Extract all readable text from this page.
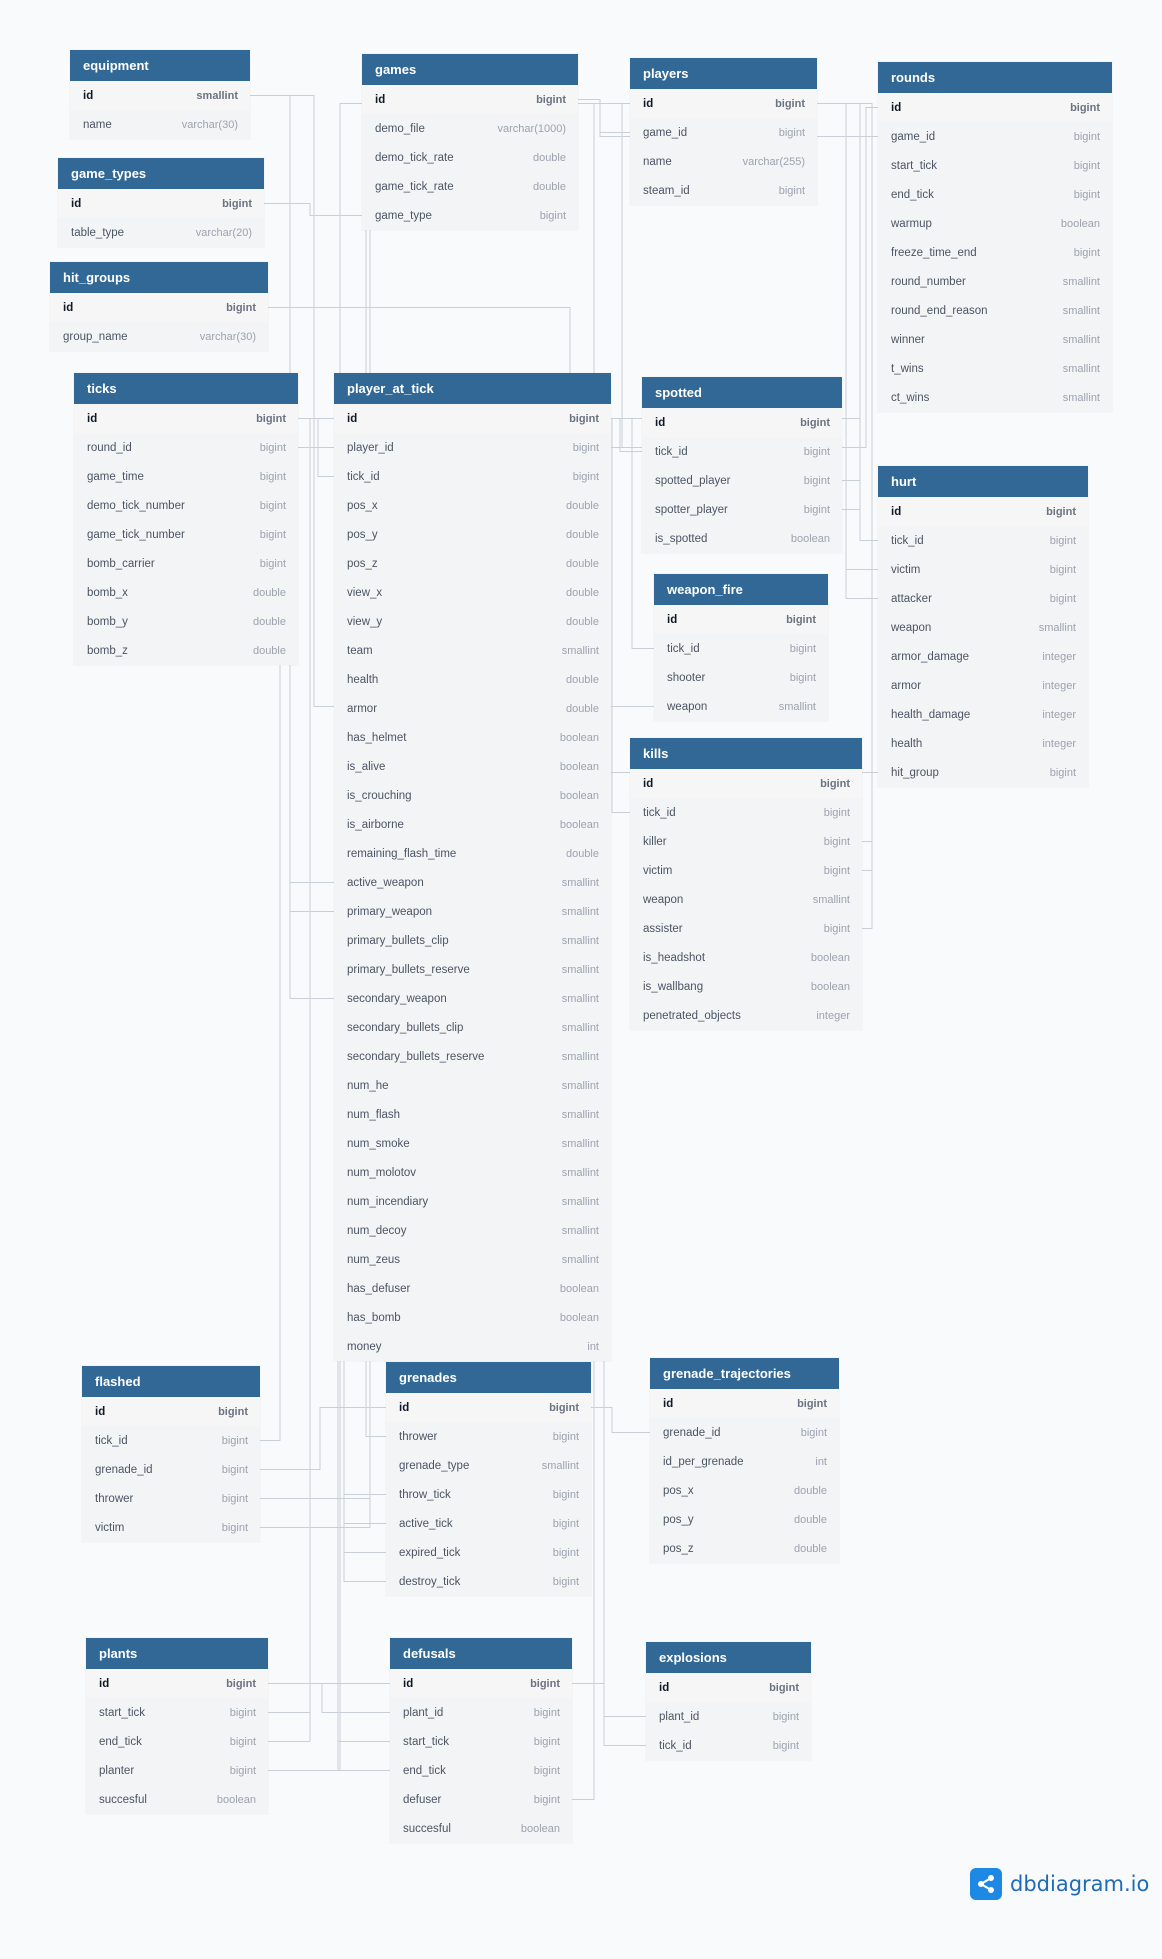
equipment
id	smallint
name	varchar(30)
games
id	bigint
demo_file	varchar(1000)
demo_tick_rate	double
game_tick_rate	double
game_type	bigint
players
id	bigint
game_id	bigint
name	varchar(255)
steam_id	bigint
rounds
id	bigint
game_id	bigint
start_tick	bigint
end_tick	bigint
warmup	boolean
freeze_time_end	bigint
round_number	smallint
round_end_reason	smallint
winner	smallint
t_wins	smallint
ct_wins	smallint
game_types
id	bigint
table_type	varchar(20)
hit_groups
id	bigint
group_name	varchar(30)
ticks
id	bigint
round_id	bigint
game_time	bigint
demo_tick_number	bigint
game_tick_number	bigint
bomb_carrier	bigint
bomb_x	double
bomb_y	double
bomb_z	double
player_at_tick
id	bigint
player_id	bigint
tick_id	bigint
pos_x	double
pos_y	double
pos_z	double
view_x	double
view_y	double
team	smallint
health	double
armor	double
has_helmet	boolean
is_alive	boolean
is_crouching	boolean
is_airborne	boolean
remaining_flash_time	double
active_weapon	smallint
primary_weapon	smallint
primary_bullets_clip	smallint
primary_bullets_reserve	smallint
secondary_weapon	smallint
secondary_bullets_clip	smallint
secondary_bullets_reserve	smallint
num_he	smallint
num_flash	smallint
num_smoke	smallint
num_molotov	smallint
num_incendiary	smallint
num_decoy	smallint
num_zeus	smallint
has_defuser	boolean
has_bomb	boolean
money	int
spotted
id	bigint
tick_id	bigint
spotted_player	bigint
spotter_player	bigint
is_spotted	boolean
hurt
id	bigint
tick_id	bigint
victim	bigint
attacker	bigint
weapon	smallint
armor_damage	integer
armor	integer
health_damage	integer
health	integer
hit_group	bigint
weapon_fire
id	bigint
tick_id	bigint
shooter	bigint
weapon	smallint
kills
id	bigint
tick_id	bigint
killer	bigint
victim	bigint
weapon	smallint
assister	bigint
is_headshot	boolean
is_wallbang	boolean
penetrated_objects	integer
flashed
id	bigint
tick_id	bigint
grenade_id	bigint
thrower	bigint
victim	bigint
grenades
id	bigint
thrower	bigint
grenade_type	smallint
throw_tick	bigint
active_tick	bigint
expired_tick	bigint
destroy_tick	bigint
grenade_trajectories
id	bigint
grenade_id	bigint
id_per_grenade	int
pos_x	double
pos_y	double
pos_z	double
plants
id	bigint
start_tick	bigint
end_tick	bigint
planter	bigint
succesful	boolean
defusals
id	bigint
plant_id	bigint
start_tick	bigint
end_tick	bigint
defuser	bigint
succesful	boolean
explosions
id	bigint
plant_id	bigint
tick_id	bigint
dbdiagram.io
